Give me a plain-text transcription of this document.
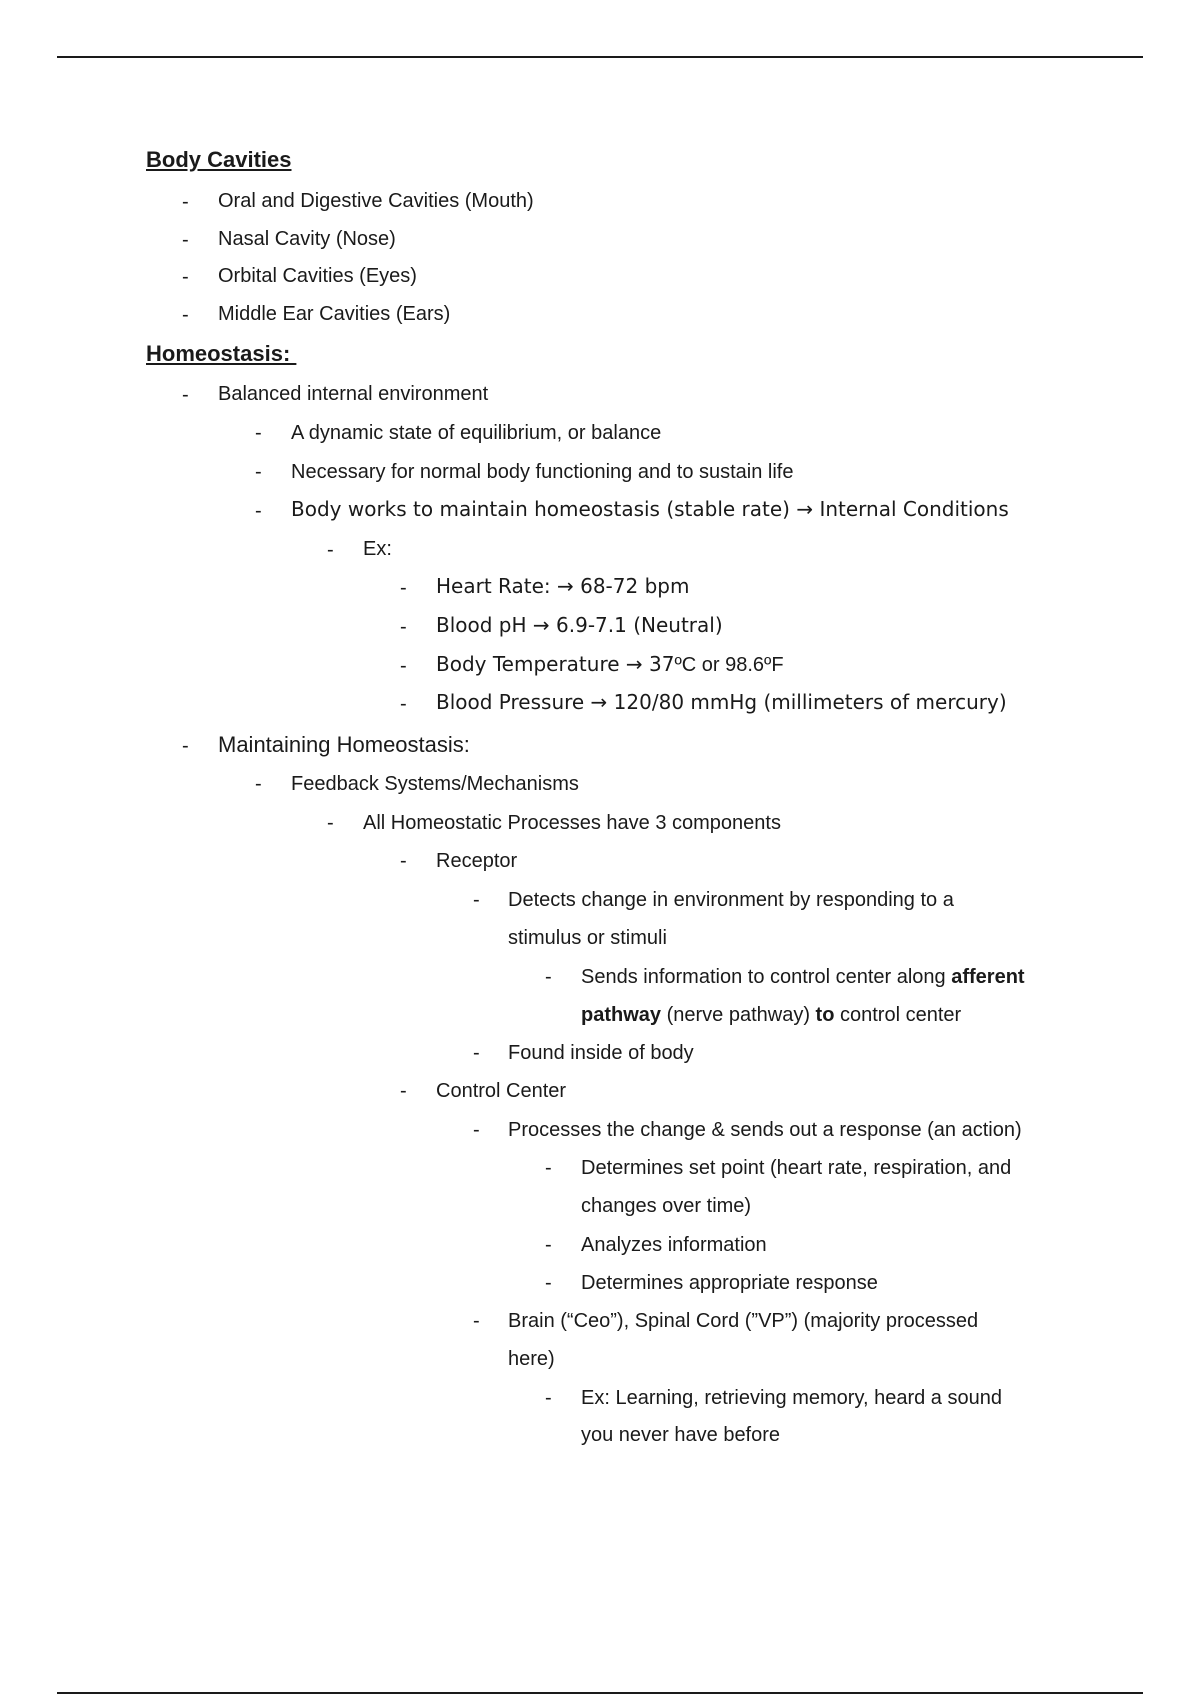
Body Cavities
- Oral and Digestive Cavities (Mouth)
- Nasal Cavity (Nose)
- Orbital Cavities (Eyes)
- Middle Ear Cavities (Ears)
Homeostasis:
- Balanced internal environment
- A dynamic state of equilibrium, or balance
- Necessary for normal body functioning and to sustain life
- Body works to maintain homeostasis (stable rate) → Internal Conditions
- Ex:
- Heart Rate: → 68-72 bpm
- Blood pH → 6.9-7.1 (Neutral)
- Body Temperature → 37ºC or 98.6ºF
- Blood Pressure → 120/80 mmHg (millimeters of mercury)
- Maintaining Homeostasis:
- Feedback Systems/Mechanisms
- All Homeostatic Processes have 3 components
- Receptor
- Detects change in environment by responding to a
stimulus or stimuli
- Sends information to control center along afferent
pathway (nerve pathway) to control center
- Found inside of body
- Control Center
- Processes the change & sends out a response (an action)
- Determines set point (heart rate, respiration, and
changes over time)
- Analyzes information
- Determines appropriate response
- Brain (“Ceo”), Spinal Cord (”VP”) (majority processed
here)
- Ex: Learning, retrieving memory, heard a sound
you never have before
